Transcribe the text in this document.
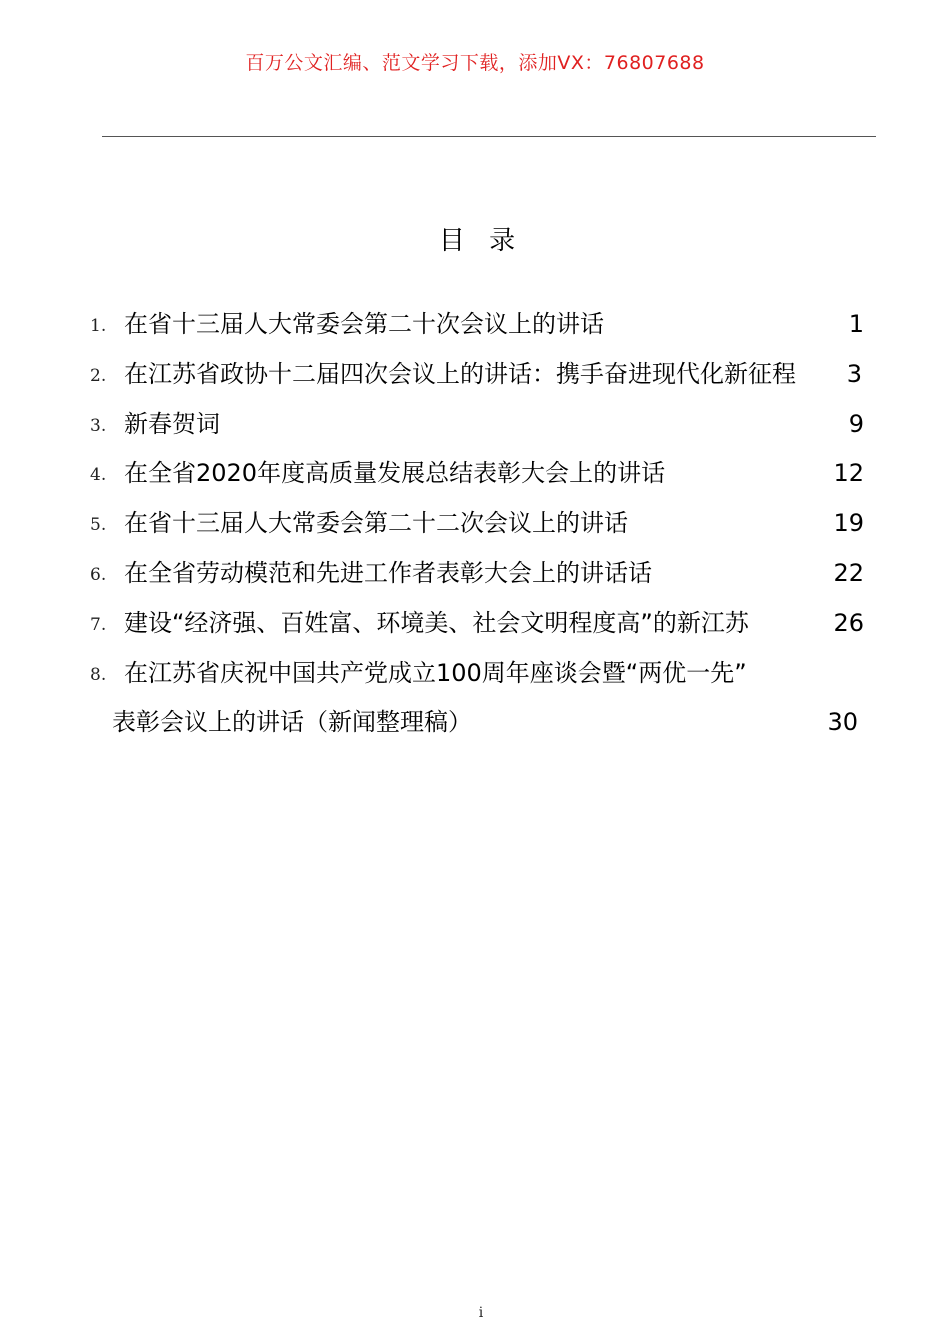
百万公文汇编、范文学习下载，添加VX：76807688
目 录
1. 在省十三届人大常委会第二十次会议上的讲话	1
2. 在江苏省政协十二届四次会议上的讲话：携手奋进现代化新征程 3
3. 新春贺词	9
4. 在全省2020年度高质量发展总结表彰大会上的讲话	12
5. 在省十三届人大常委会第二十二次会议上的讲话	19
6. 在全省劳动模范和先进工作者表彰大会上的讲话话	22
7. 建设“经济强、百姓富、环境美、社会文明程度高”的新江苏	26
8. 在江苏省庆祝中国共产党成立100周年座谈会暨“两优一先”
表彰会议上的讲话（新闻整理稿）	30
i
